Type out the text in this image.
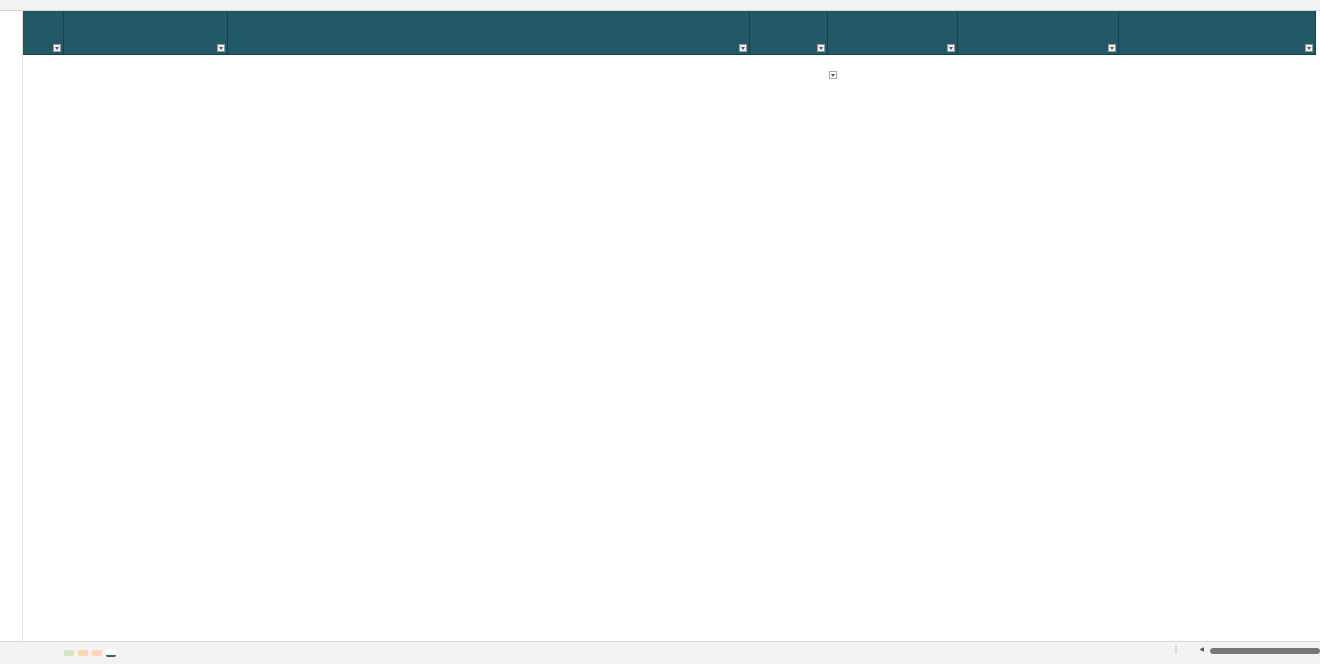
⋮	◀
